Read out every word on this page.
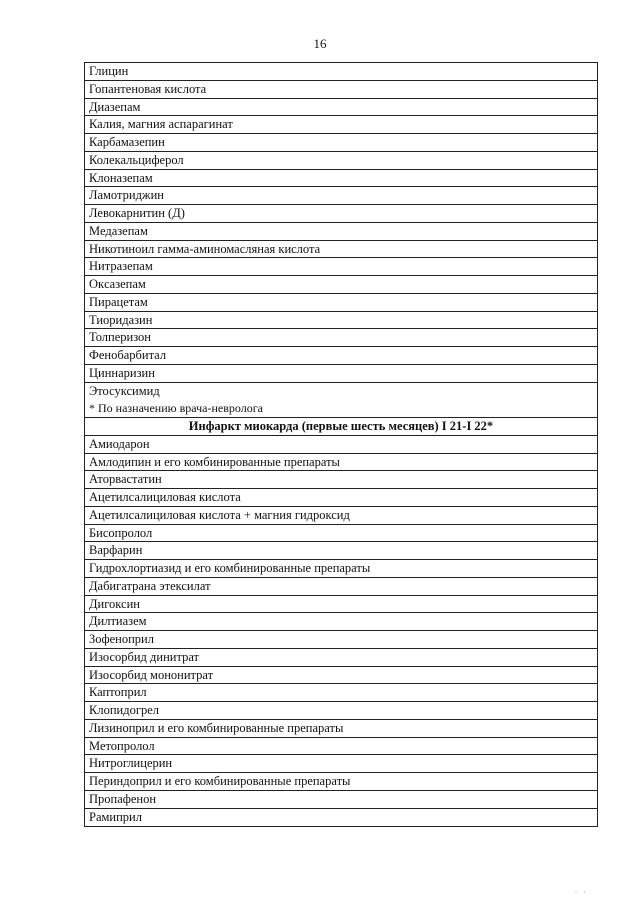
16
Глицин
Гопантеновая кислота
Диазепам
Калия, магния аспарагинат
Карбамазепин
Колекальциферол
Клоназепам
Ламотриджин
Левокарнитин (Д)
Медазепам
Никотиноил гамма-аминомасляная кислота
Нитразепам
Окcазепам
Пирацетам
Тиоридазин
Толперизон
Фенобарбитал
Циннаризин
Этосуксимид
* По назначению врача-невролога
Инфаркт миокарда (первые шесть месяцев) I 21-I 22*
Амиодарон
Амлодипин и его комбинированные препараты
Аторвастатин
Ацетилсалициловая кислота
Ацетилсалициловая кислота + магния гидроксид
Бисопролол
Варфарин
Гидрохлортиазид и его комбинированные препараты
Дабигатрана этексилат
Дигоксин
Дилтиазем
Зофеноприл
Изосорбид динитрат
Изосорбид мононитрат
Каптоприл
Клопидогрел
Лизиноприл и его комбинированные препараты
Метопролол
Нитроглицерин
Периндоприл и его комбинированные препараты
Пропафенон
Рамиприл
· ·
